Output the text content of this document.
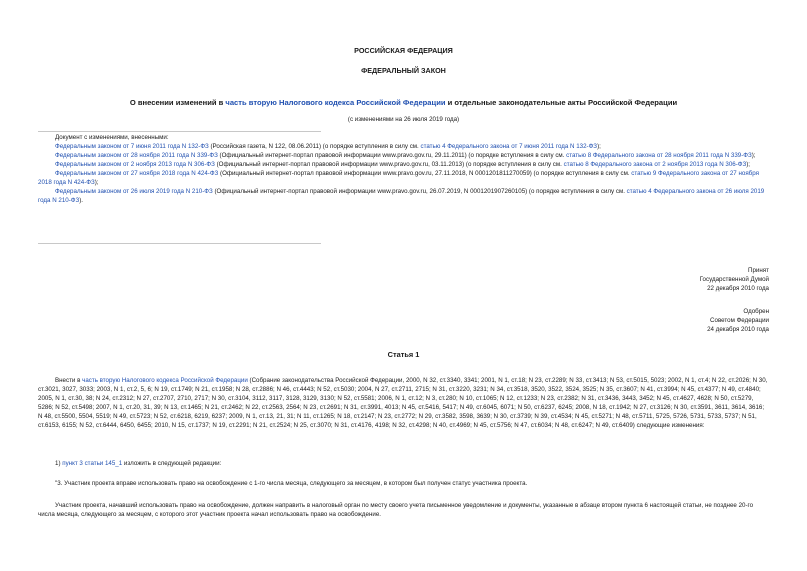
РОССИЙСКАЯ ФЕДЕРАЦИЯ
ФЕДЕРАЛЬНЫЙ ЗАКОН
О внесении изменений в часть вторую Налогового кодекса Российской Федерации и отдельные законодательные акты Российской Федерации
(с изменениями на 26 июля 2019 года)

Документ с изменениями, внесенными:

Федеральным законом от 7 июня 2011 года N 132-ФЗ (Российская газета, N 122, 08.06.2011) (о порядке вступления в силу см. статью 4 Федерального закона от 7 июня 2011 года N 132-ФЗ);

Федеральным законом от 28 ноября 2011 года N 339-ФЗ (Официальный интернет-портал правовой информации www.pravo.gov.ru, 29.11.2011) (о порядке вступления в силу см. статью 8 Федерального закона от 28 ноября 2011 года N 339-ФЗ);

Федеральным законом от 2 ноября 2013 года N 306-ФЗ (Официальный интернет-портал правовой информации www.pravo.gov.ru, 03.11.2013) (о порядке вступления в силу см. статью 8 Федерального закона от 2 ноября 2013 года N 306-ФЗ);

Федеральным законом от 27 ноября 2018 года N 424-ФЗ (Официальный интернет-портал правовой информации www.pravo.gov.ru, 27.11.2018, N 0001201811270059) (о порядке вступления в силу см. статью 9 Федерального закона от 27 ноября 2018 года N 424-ФЗ);

Федеральным законом от 26 июля 2019 года N 210-ФЗ (Официальный интернет-портал правовой информации www.pravo.gov.ru, 26.07.2019, N 0001201907260105) (о порядке вступления в силу см. статью 4 Федерального закона от 26 июля 2019 года N 210-ФЗ).

Принят
Государственной Думой
22 декабря 2010 года
Одобрен
Советом Федерации
24 декабря 2010 года
Статья 1

Внести в часть вторую Налогового кодекса Российской Федерации (Собрание законодательства Российской Федерации, 2000, N 32, ст.3340, 3341; 2001, N 1, ст.18; N 23, ст.2289; N 33, ст.3413; N 53, ст.5015, 5023; 2002, N 1, ст.4; N 22, ст.2026; N 30, ст.3021, 3027, 3033; 2003, N 1, ст.2, 5, 6; N 19, ст.1749; N 21, ст.1958; N 28, ст.2886; N 46, ст.4443; N 52, ст.5030; 2004, N 27, ст.2711, 2715; N 31, ст.3220, 3231; N 34, ст.3518, 3520, 3522, 3524, 3525; N 35, ст.3607; N 41, ст.3994; N 45, ст.4377; N 49, ст.4840; 2005, N 1, ст.30, 38; N 24, ст.2312; N 27, ст.2707, 2710, 2717; N 30, ст.3104, 3112, 3117, 3128, 3129, 3130; N 52, ст.5581; 2006, N 1, ст.12; N 3, ст.280; N 10, ст.1065; N 12, ст.1233; N 23, ст.2382; N 31, ст.3436, 3443, 3452; N 45, ст.4627, 4628; N 50, ст.5279, 5286; N 52, ст.5498; 2007, N 1, ст.20, 31, 39; N 13, ст.1465; N 21, ст.2462; N 22, ст.2563, 2564; N 23, ст.2691; N 31, ст.3991, 4013; N 45, ст.5416, 5417; N 49, ст.6045, 6071; N 50, ст.6237, 6245; 2008, N 18, ст.1942; N 27, ст.3126; N 30, ст.3591, 3611, 3614, 3616; N 48, ст.5500, 5504, 5519; N 49, ст.5723; N 52, ст.6218, 6219, 6237; 2009, N 1, ст.13, 21, 31; N 11, ст.1265; N 18, ст.2147; N 23, ст.2772; N 29, ст.3582, 3598, 3639; N 30, ст.3739; N 39, ст.4534; N 45, ст.5271; N 48, ст.5711, 5725, 5726, 5731, 5733, 5737; N 51, ст.6153, 6155; N 52, ст.6444, 6450, 6455; 2010, N 15, ст.1737; N 19, ст.2291; N 21, ст.2524; N 25, ст.3070; N 31, ст.4176, 4198; N 32, ст.4298; N 40, ст.4969; N 45, ст.5756; N 47, ст.6034; N 48, ст.6247; N 49, ст.6409) следующие изменения:

1) пункт 3 статьи 145_1 изложить в следующей редакции:

"3. Участник проекта вправе использовать право на освобождение с 1-го числа месяца, следующего за месяцем, в котором был получен статус участника проекта.

Участник проекта, начавший использовать право на освобождение, должен направить в налоговый орган по месту своего учета письменное уведомление и документы, указанные в абзаце втором пункта 6 настоящей статьи, не позднее 20-го числа месяца, следующего за месяцем, с которого этот участник проекта начал использовать право на освобождение.
